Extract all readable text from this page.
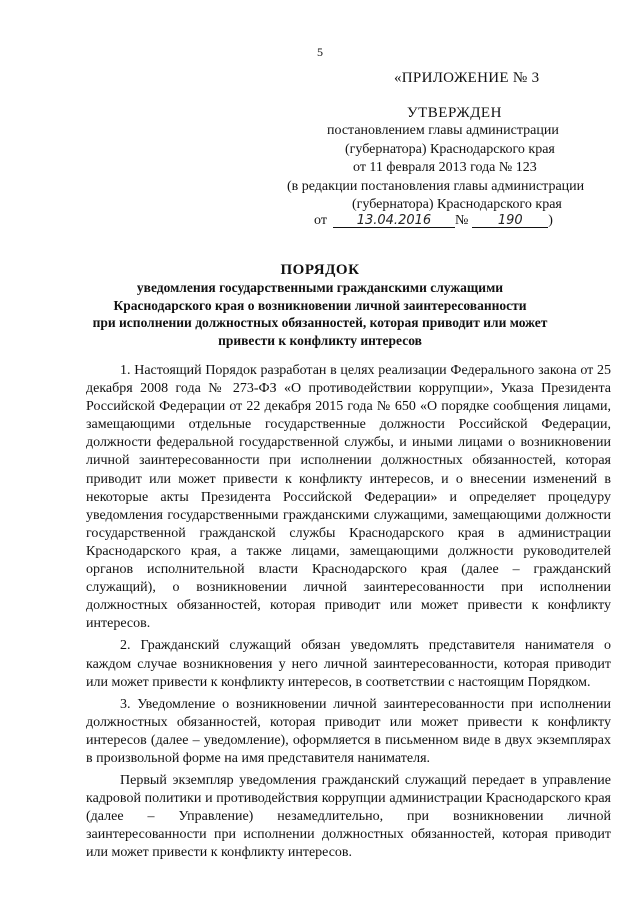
5
«ПРИЛОЖЕНИЕ № 3
УТВЕРЖДЕН
постановлением главы администрации
(губернатора) Краснодарского края
от 11 февраля 2013 года № 123
(в редакции постановления главы администрации
(губернатора) Краснодарского края
от 13.04.2016 № 190 )
ПОРЯДОК
уведомления государственными гражданскими служащими
Краснодарского края о возникновении личной заинтересованности
при исполнении должностных обязанностей, которая приводит или может
привести к конфликту интересов

1. Настоящий Порядок разработан в целях реализации Федерального закона от 25 декабря 2008 года № 273-ФЗ «О противодействии коррупции», Указа Президента Российской Федерации от 22 декабря 2015 года № 650 «О порядке сообщения лицами, замещающими отдельные государственные должности Российской Федерации, должности федеральной государственной службы, и иными лицами о возникновении личной заинтересованности при исполнении должностных обязанностей, которая приводит или может привести к конфликту интересов, и о внесении изменений в некоторые акты Президента Российской Федерации» и определяет процедуру уведомления государственными гражданскими служащими, замещающими должности государственной гражданской службы Краснодарского края в администрации Краснодарского края, а также лицами, замещающими должности руководителей органов исполнительной власти Краснодарского края (далее – гражданский служащий), о возникновении личной заинтересованности при исполнении должностных обязанностей, которая приводит или может привести к конфликту интересов.

2. Гражданский служащий обязан уведомлять представителя нанимателя о каждом случае возникновения у него личной заинтересованности, которая приводит или может привести к конфликту интересов, в соответствии с настоящим Порядком.

3. Уведомление о возникновении личной заинтересованности при исполнении должностных обязанностей, которая приводит или может привести к конфликту интересов (далее – уведомление), оформляется в письменном виде в двух экземплярах в произвольной форме на имя представителя нанимателя.

Первый экземпляр уведомления гражданский служащий передает в управление кадровой политики и противодействия коррупции администрации Краснодарского края (далее – Управление) незамедлительно, при возникновении личной заинтересованности при исполнении должностных обязанностей, которая приводит или может привести к конфликту интересов.
